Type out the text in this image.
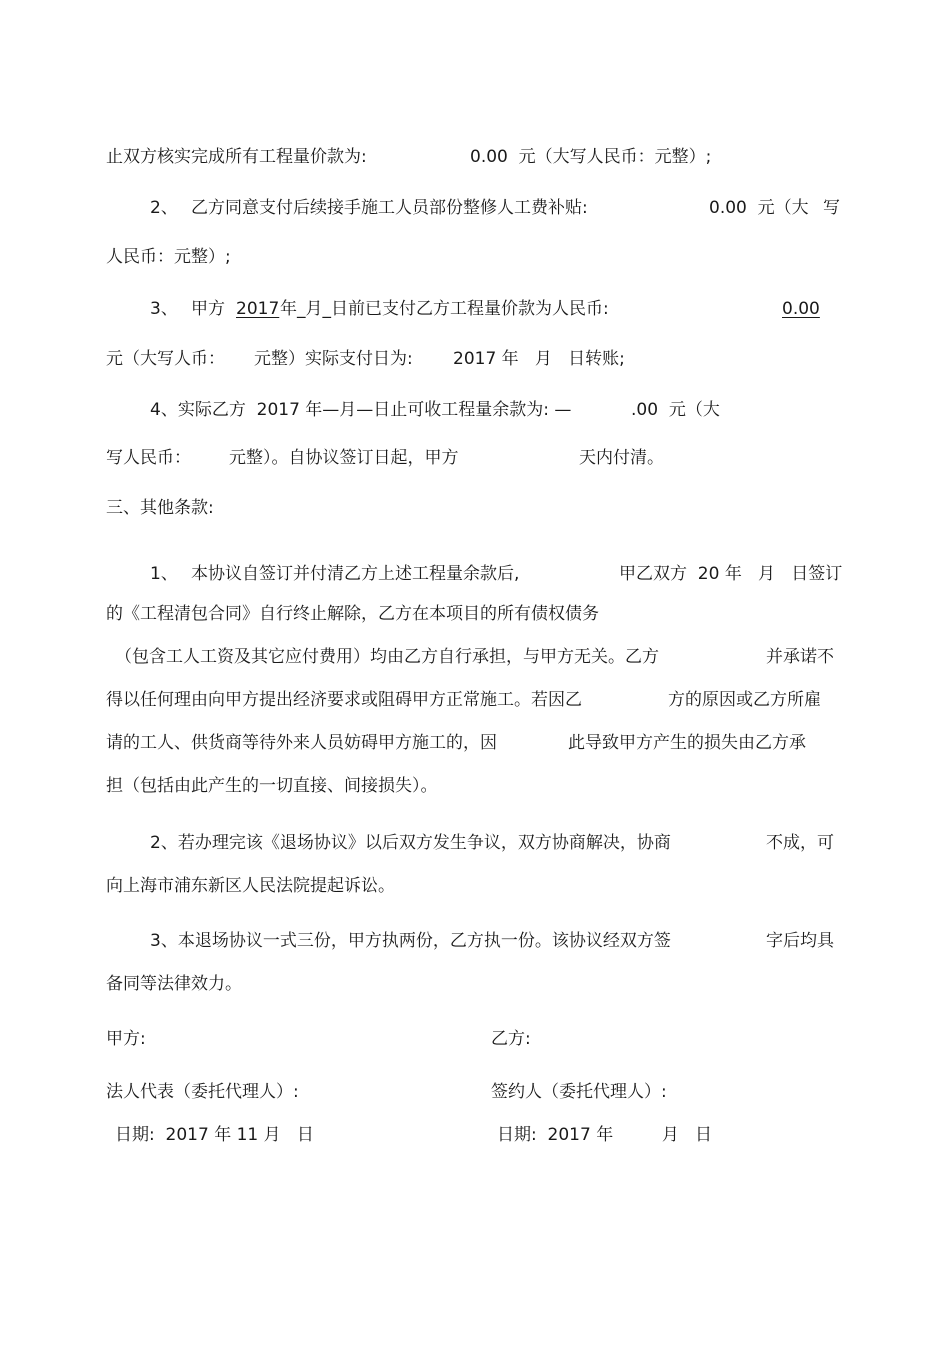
止双方核实完成所有工程量价款为:	0.00  元（大写人民币：元整）;
2、 乙方同意支付后续接手施工人员部份整修人工费补贴:	0.00  元（大 写
人民币：元整）;
3、 甲方 2017 年_月_日前已支付乙方工程量价款为人民币:	0.00
元（大写人币： 元整）实际支付日为: 2017 年   月   日转账;
4、实际乙方  2017 年—月—日止可收工程量余款为: —	.00  元（大
写人民币： 元整）。自协议签订日起，甲方	天内付清。
三、其他条款:
1、 本协议自签订并付清乙方上述工程量余款后,	甲乙双方  20 年   月   日签订
的《工程清包合同》自行终止解除，乙方在本项目的所有债权债务
（包含工人工资及其它应付费用）均由乙方自行承担，与甲方无关。乙方	并承诺不
得以任何理由向甲方提出经济要求或阻碍甲方正常施工。若因乙	方的原因或乙方所雇
请的工人、供货商等待外来人员妨碍甲方施工的，因	此导致甲方产生的损失由乙方承
担（包括由此产生的一切直接、间接损失）。
2、若办理完该《退场协议》以后双方发生争议，双方协商解决，协商	不成，可
向上海市浦东新区人民法院提起诉讼。
3、本退场协议一式三份，甲方执两份，乙方执一份。该协议经双方签	字后均具
备同等法律效力。
甲方:	乙方:
法人代表（委托代理人）:	签约人（委托代理人）:
日期:  2017 年 11 月   日	日期:  2017 年         月   日
